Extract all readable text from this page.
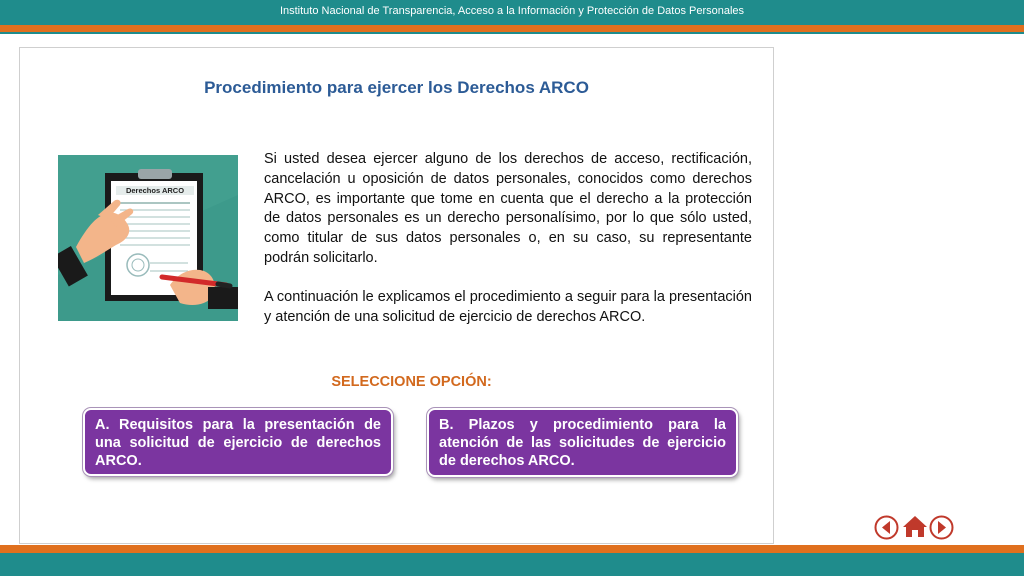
Instituto Nacional de Transparencia, Acceso a la Información y Protección de Datos Personales
Procedimiento para ejercer los Derechos ARCO
Derechos ARCO

Si usted desea ejercer alguno de los derechos de acceso, rectificación, cancelación u oposición de datos personales, conocidos como derechos ARCO, es importante que tome en cuenta que el derecho a la protección de datos personales es un derecho personalísimo, por lo que sólo usted, como titular de sus datos personales o, en su caso, su representante podrán solicitarlo.

A continuación le explicamos el procedimiento a seguir para la presentación y atención de una solicitud de ejercicio de derechos ARCO.

SELECCIONE OPCIÓN:
A. Requisitos para la presentación de una solicitud de ejercicio de derechos ARCO.
B. Plazos y procedimiento para la atención de las solicitudes de ejercicio de derechos ARCO.
